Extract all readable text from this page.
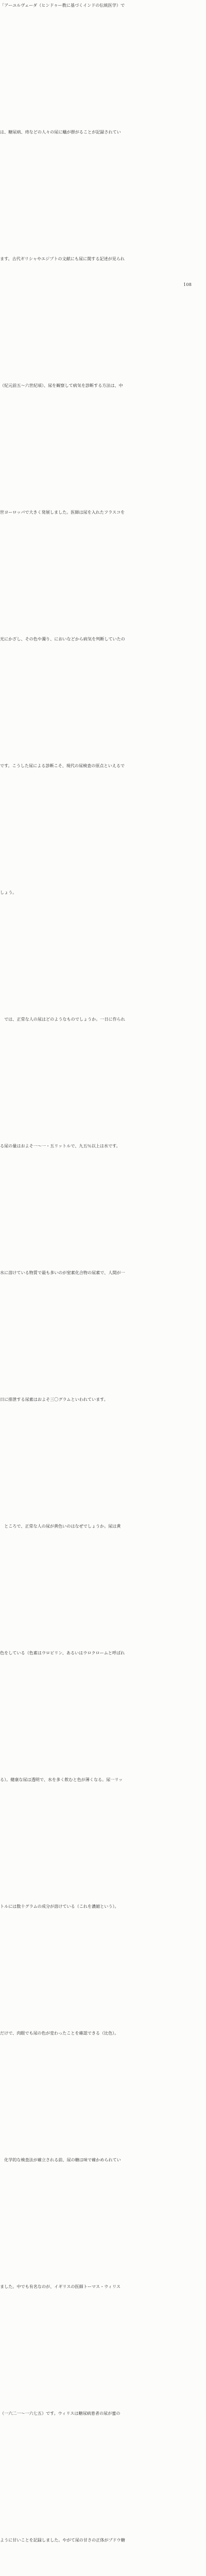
「アーユルヴェーダ（ヒンドゥー教に基づくインドの伝統医学）で
は、糖尿病、痔などの人々の尿に蟻が群がることが記録されてい
ます。古代ギリシャやエジプトの文献にも尿に関する記述が見られ
（紀元前五～六世紀頃）、尿を観察して病気を診断する方法は、中
世ヨーロッパで大きく発展しました。医師は尿を入れたフラスコを
光にかざし、その色や濁り、においなどから病気を判断していたの
です。こうした尿による診断こそ、現代の尿検査の原点といえるで
しょう。
　では、正常な人の尿はどのようなものでしょうか。一日に作られ
る尿の量はおよそ一～一・五リットルで、九五％以上は水です。
水に溶けている物質で最も多いのが窒素化合物の尿素で、人間が一
日に排泄する尿素はおよそ三〇グラムといわれています。
　ところで、正常な人の尿が黄色いのはなぜでしょうか。尿は黄
色をしている（色素はウロビリン、あるいはウロクロームと呼ばれ
る）。健康な尿は透明で、水を多く飲むと色が薄くなる。尿一リッ
トルには数十グラムの成分が溶けている（これを濃縮という）。
だけで、肉眼でも尿の色が変わったことを確認できる（比色）。
　化学的な検査法が確立される前、尿の糖は味で確かめられてい
ました。中でも有名なのが、イギリスの医師トーマス・ウィリス
（一六二一～一六七五）です。ウィリスは糖尿病患者の尿が蜜の
ように甘いことを記録しました。やがて尿の甘さの正体がブドウ糖
108
